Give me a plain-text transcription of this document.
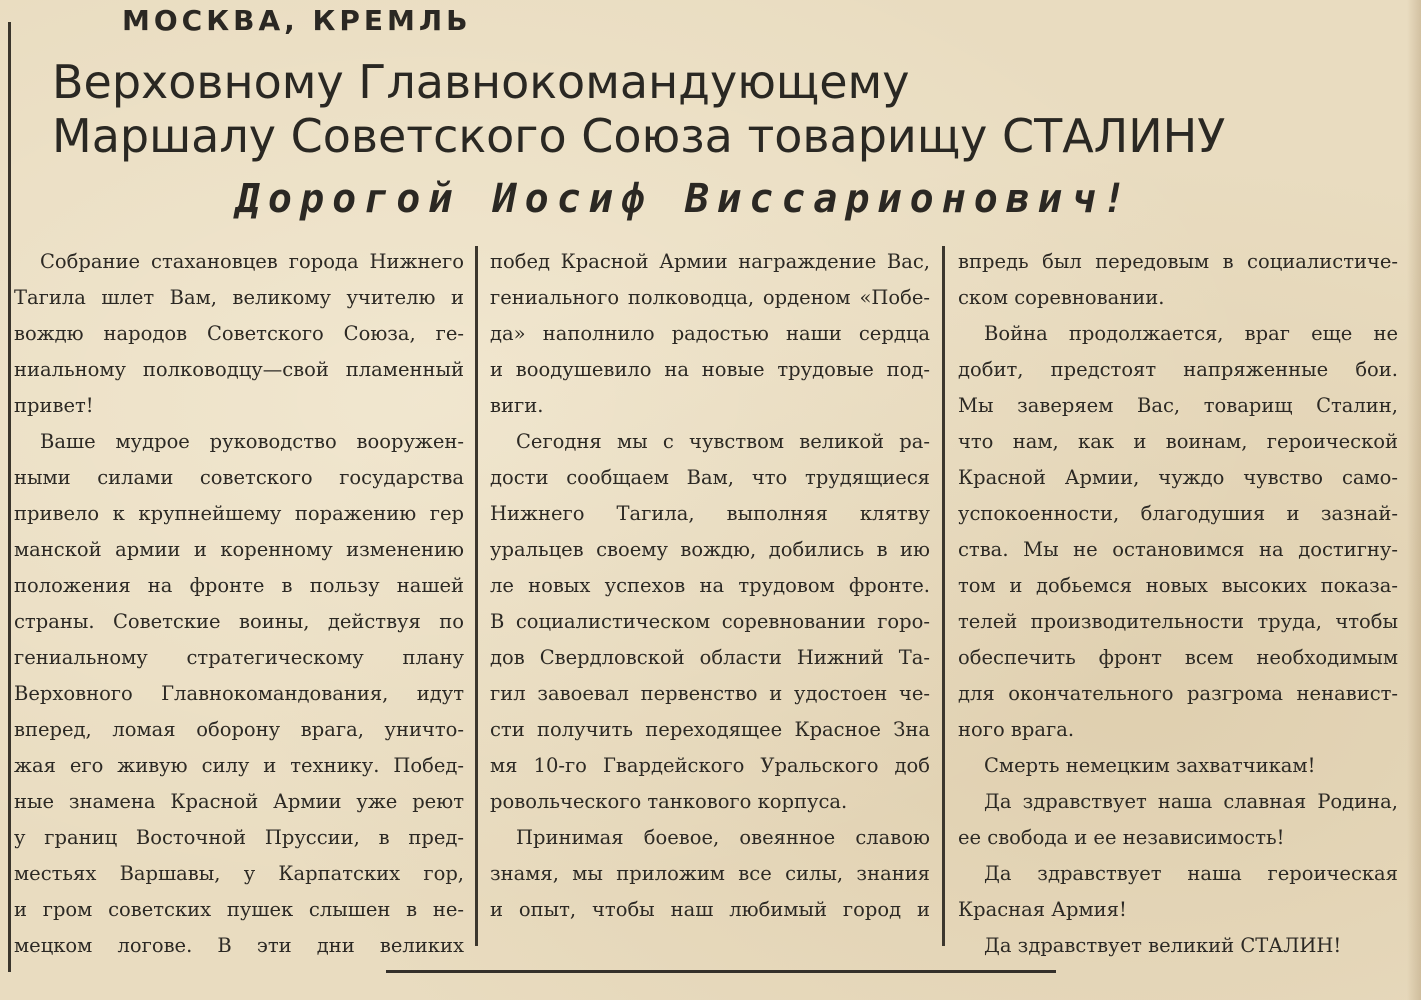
МОСКВА, КРЕМЛЬ
Верховному Главнокомандующему
Маршалу Советского Союза товарищу СТАЛИНУ
Дорогой Иосиф Виссарионович!
Собрание стахановцев города Нижнего
Тагила шлет Вам, великому учителю и
вождю народов Советского Союза, ге-
ниальному полководцу—свой пламенный
привет!
Ваше мудрое руководство вооружен-
ными силами советского государства
привело к крупнейшему поражению гер
манской армии и коренному изменению
положения на фронте в пользу нашей
страны. Советские воины, действуя по
гениальному стратегическому плану
Верховного Главнокомандования, идут
вперед, ломая оборону врага, уничто-
жая его живую силу и технику. Побед-
ные знамена Красной Армии уже реют
у границ Восточной Пруссии, в пред-
местьях Варшавы, у Карпатских гор,
и гром советских пушек слышен в не-
мецком логове. В эти дни великих
побед Красной Армии награждение Вас,
гениального полководца, орденом «Побе-
да» наполнило радостью наши сердца
и воодушевило на новые трудовые под-
виги.
Сегодня мы с чувством великой ра-
дости сообщаем Вам, что трудящиеся
Нижнего Тагила, выполняя клятву
уральцев своему вождю, добились в ию
ле новых успехов на трудовом фронте.
В социалистическом соревновании горо-
дов Свердловской области Нижний Та-
гил завоевал первенство и удостоен че-
сти получить переходящее Красное Зна
мя 10-го Гвардейского Уральского доб
ровольческого танкового корпуса.
Принимая боевое, овеянное славою
знамя, мы приложим все силы, знания
и опыт, чтобы наш любимый город и
впредь был передовым в социалистиче-
ском соревновании.
Война продолжается, враг еще не
добит, предстоят напряженные бои.
Мы заверяем Вас, товарищ Сталин,
что нам, как и воинам, героической
Красной Армии, чуждо чувство само-
успокоенности, благодушия и зазнай-
ства. Мы не остановимся на достигну-
том и добьемся новых высоких показа-
телей производительности труда, чтобы
обеспечить фронт всем необходимым
для окончательного разгрома ненавист-
ного врага.
Смерть немецким захватчикам!
Да здравствует наша славная Родина,
ее свобода и ее независимость!
Да здравствует наша героическая
Красная Армия!
Да здравствует великий СТАЛИН!
